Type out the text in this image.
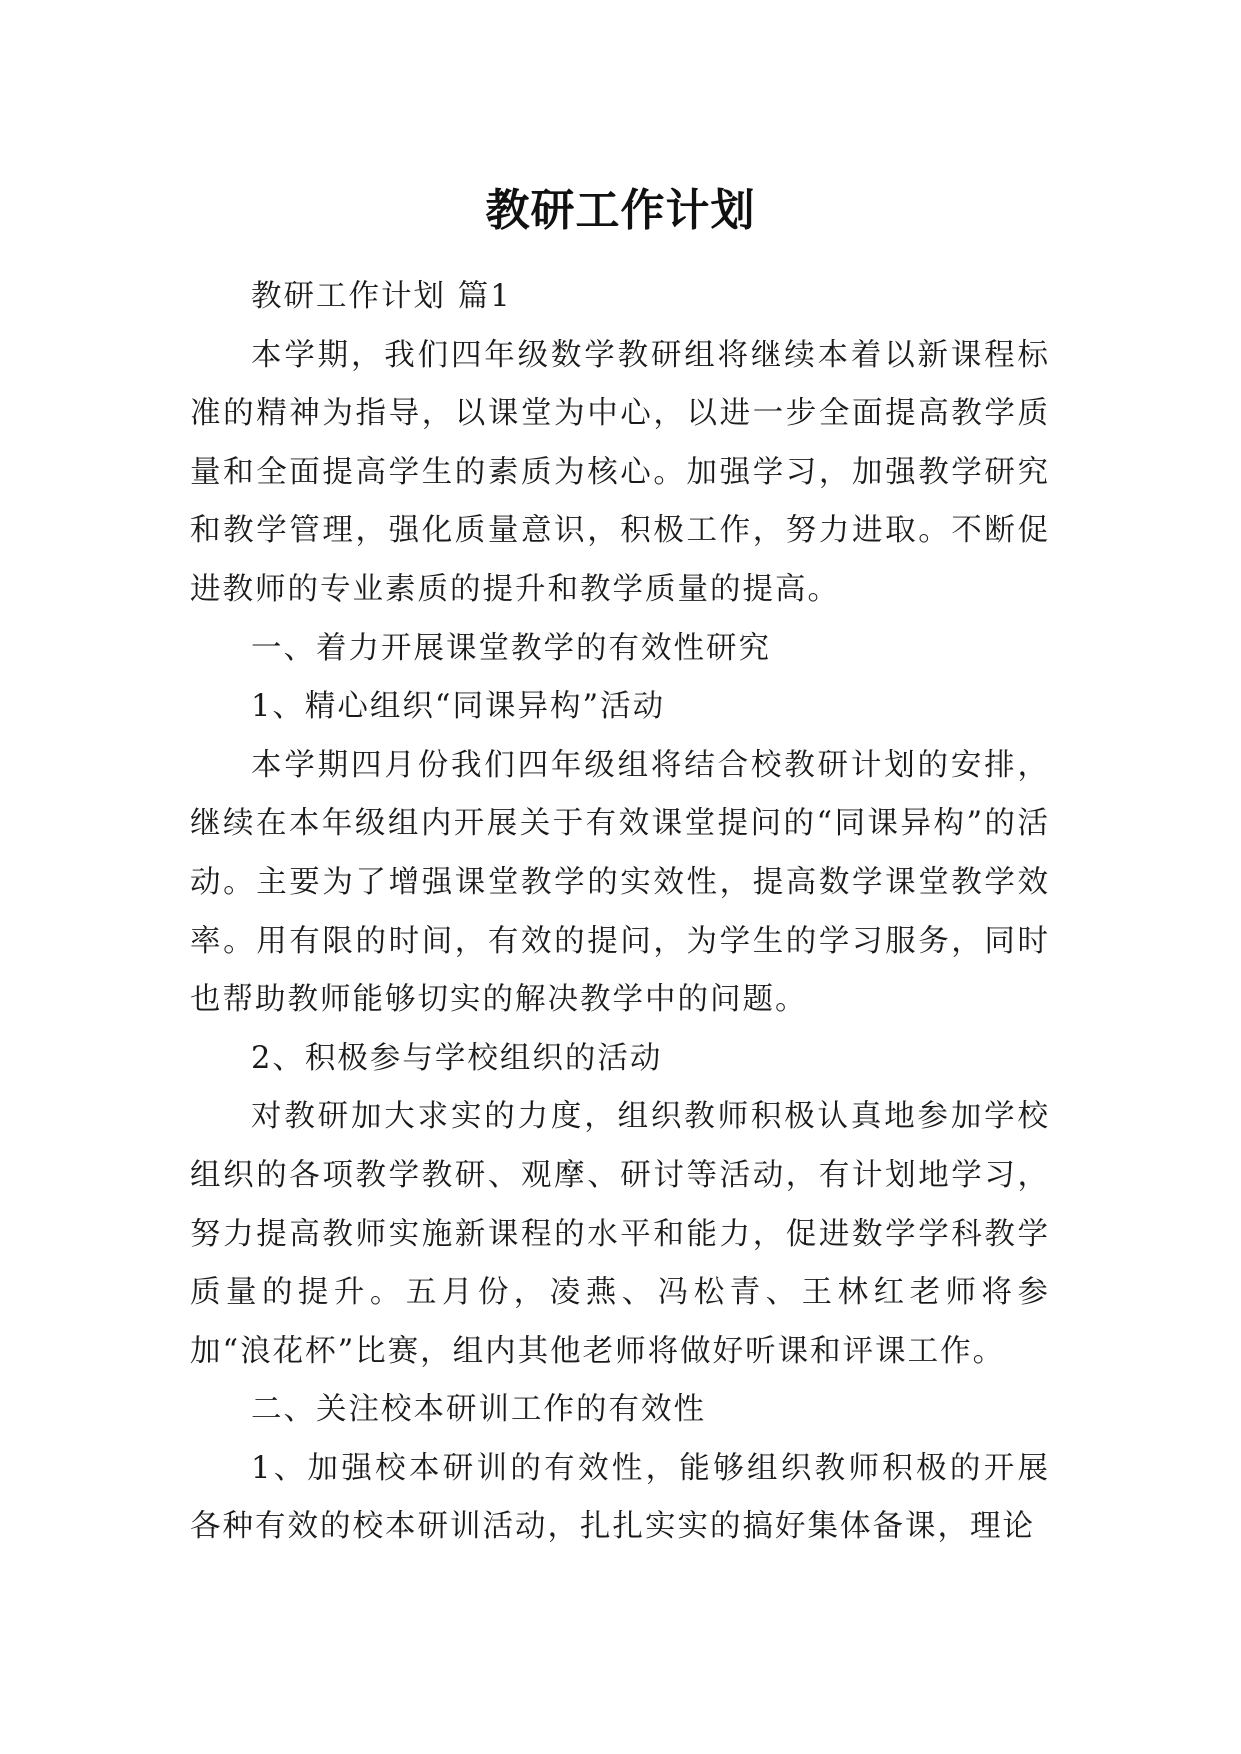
教研工作计划

教研工作计划 篇1

本学期，我们四年级数学教研组将继续本着以新课程标准的精神为指导，以课堂为中心，以进一步全面提高教学质量和全面提高学生的素质为核心。加强学习，加强教学研究和教学管理，强化质量意识，积极工作，努力进取。不断促进教师的专业素质的提升和教学质量的提高。

一、着力开展课堂教学的有效性研究

1、精心组织“同课异构”活动

本学期四月份我们四年级组将结合校教研计划的安排，继续在本年级组内开展关于有效课堂提问的“同课异构”的活动。主要为了增强课堂教学的实效性，提高数学课堂教学效率。用有限的时间，有效的提问，为学生的学习服务，同时也帮助教师能够切实的解决教学中的问题。

2、积极参与学校组织的活动

对教研加大求实的力度，组织教师积极认真地参加学校组织的各项教学教研、观摩、研讨等活动，有计划地学习，努力提高教师实施新课程的水平和能力，促进数学学科教学质量的提升。五月份，凌燕、冯松青、王林红老师将参加“浪花杯”比赛，组内其他老师将做好听课和评课工作。

二、关注校本研训工作的有效性

1、加强校本研训的有效性，能够组织教师积极的开展各种有效的校本研训活动，扎扎实实的搞好集体备课，理论
